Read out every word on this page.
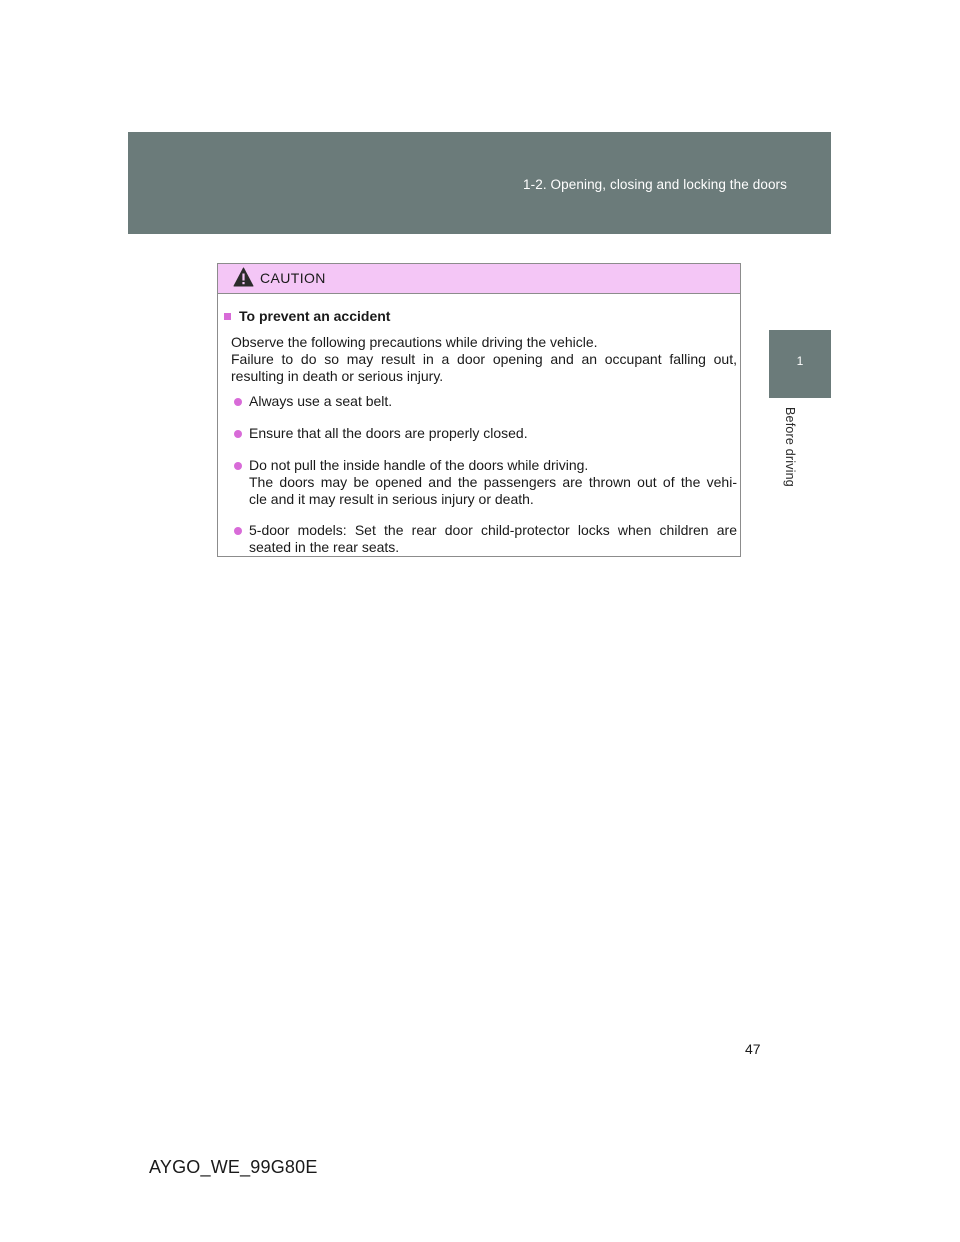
1-2. Opening, closing and locking the doors
1
Before driving
CAUTION
To prevent an accident
Observe the following precautions while driving the vehicle.
Failure to do so may result in a door opening and an occupant falling out,
resulting in death or serious injury.
Always use a seat belt.
Ensure that all the doors are properly closed.
Do not pull the inside handle of the doors while driving.
The doors may be opened and the passengers are thrown out of the vehi-
cle and it may result in serious injury or death.
5-door models: Set the rear door child-protector locks when children are
seated in the rear seats.
47
AYGO_WE_99G80E
